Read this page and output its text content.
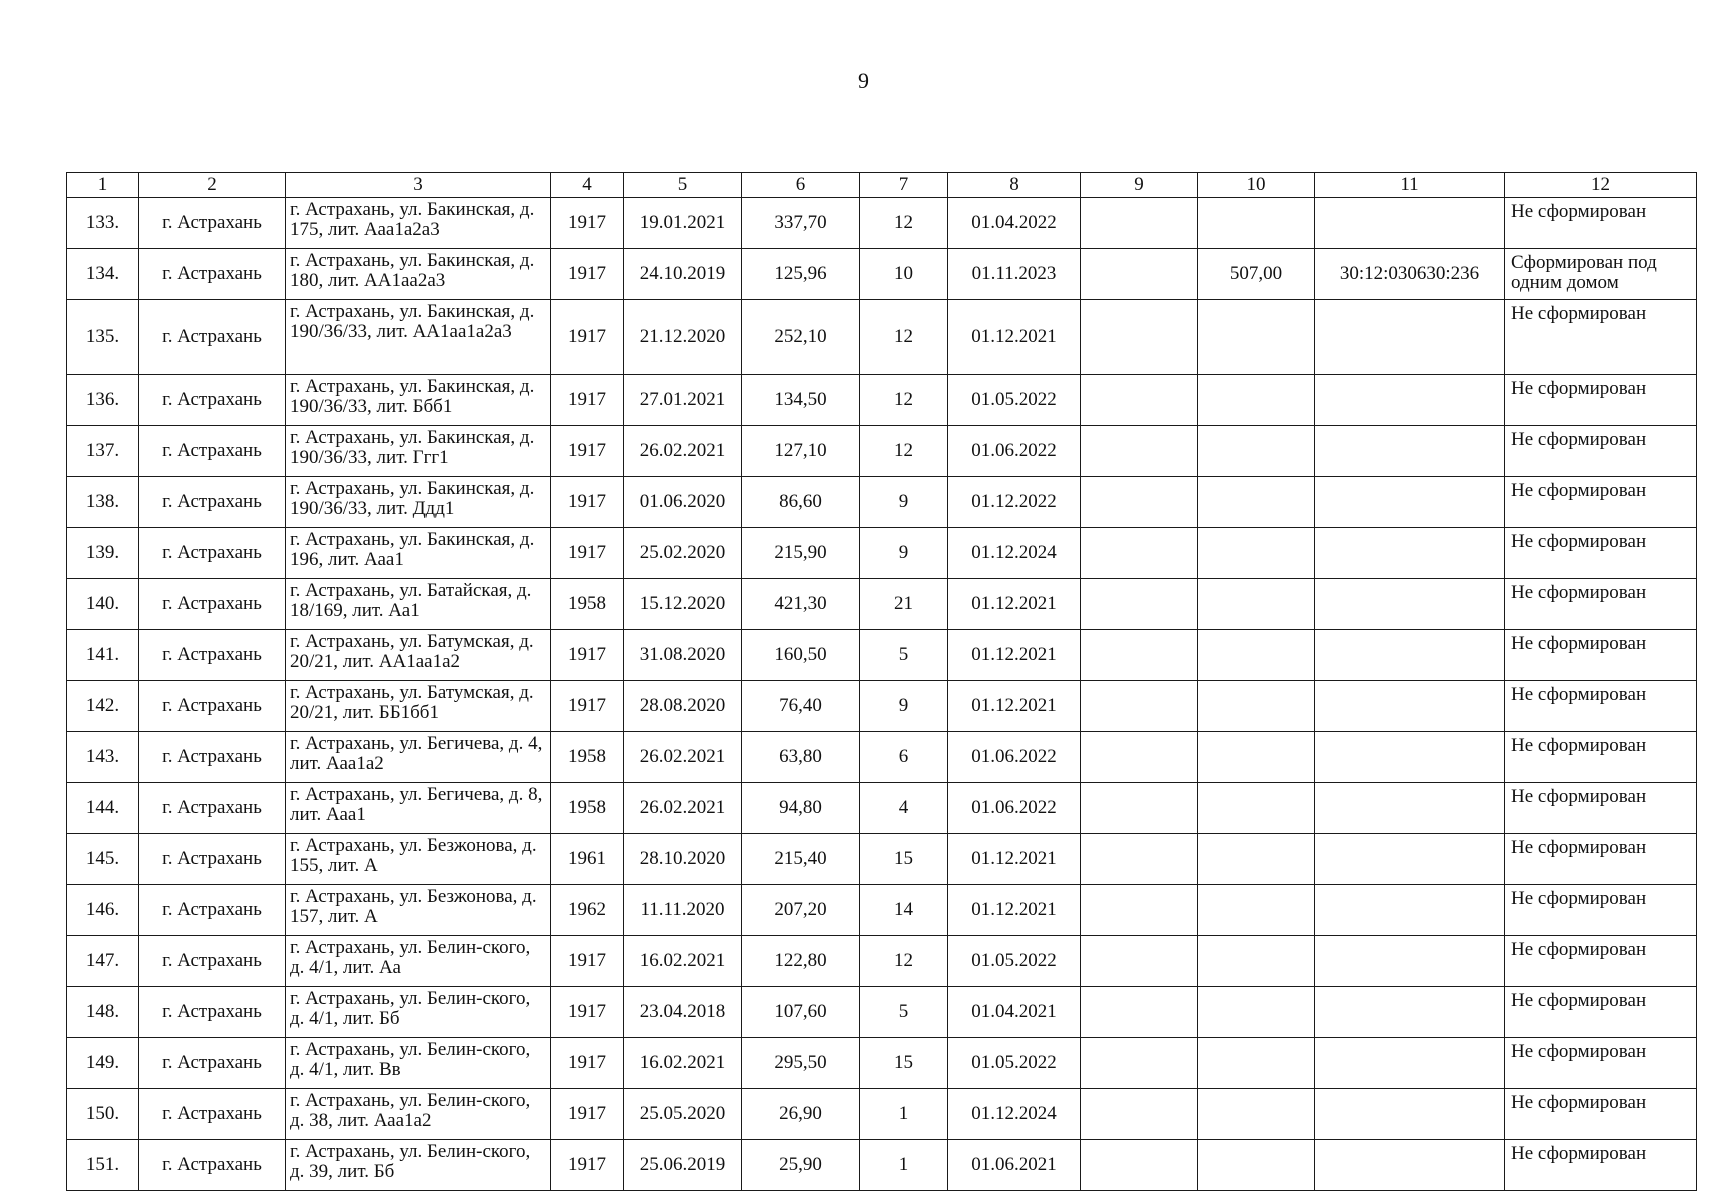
9
1	2	3	4	5	6	7	8	9	10	11	12
133.	г. Астрахань	г. Астрахань, ул. Бакинская, д. 175, лит. Ааа1а2а3	1917	19.01.2021	337,70	12	01.04.2022				Не сформирован
134.	г. Астрахань	г. Астрахань, ул. Бакинская, д. 180, лит. АА1аа2а3	1917	24.10.2019	125,96	10	01.11.2023		507,00	30:12:030630:236	Сформирован под одним домом
135.	г. Астрахань	г. Астрахань, ул. Бакинская, д. 190/36/33, лит. АА1аа1а2а3	1917	21.12.2020	252,10	12	01.12.2021				Не сформирован
136.	г. Астрахань	г. Астрахань, ул. Бакинская, д. 190/36/33, лит. Ббб1	1917	27.01.2021	134,50	12	01.05.2022				Не сформирован
137.	г. Астрахань	г. Астрахань, ул. Бакинская, д. 190/36/33, лит. Ггг1	1917	26.02.2021	127,10	12	01.06.2022				Не сформирован
138.	г. Астрахань	г. Астрахань, ул. Бакинская, д. 190/36/33, лит. Ддд1	1917	01.06.2020	86,60	9	01.12.2022				Не сформирован
139.	г. Астрахань	г. Астрахань, ул. Бакинская, д. 196, лит. Ааа1	1917	25.02.2020	215,90	9	01.12.2024				Не сформирован
140.	г. Астрахань	г. Астрахань, ул. Батайская, д. 18/169, лит. Аа1	1958	15.12.2020	421,30	21	01.12.2021				Не сформирован
141.	г. Астрахань	г. Астрахань, ул. Батумская, д. 20/21, лит. АА1аа1а2	1917	31.08.2020	160,50	5	01.12.2021				Не сформирован
142.	г. Астрахань	г. Астрахань, ул. Батумская, д. 20/21, лит. ББ1бб1	1917	28.08.2020	76,40	9	01.12.2021				Не сформирован
143.	г. Астрахань	г. Астрахань, ул. Бегичева, д. 4, лит. Ааа1а2	1958	26.02.2021	63,80	6	01.06.2022				Не сформирован
144.	г. Астрахань	г. Астрахань, ул. Бегичева, д. 8, лит. Ааа1	1958	26.02.2021	94,80	4	01.06.2022				Не сформирован
145.	г. Астрахань	г. Астрахань, ул. Безжонова, д. 155, лит. А	1961	28.10.2020	215,40	15	01.12.2021				Не сформирован
146.	г. Астрахань	г. Астрахань, ул. Безжонова, д. 157, лит. А	1962	11.11.2020	207,20	14	01.12.2021				Не сформирован
147.	г. Астрахань	г. Астрахань, ул. Белин-ского, д. 4/1, лит. Аа	1917	16.02.2021	122,80	12	01.05.2022				Не сформирован
148.	г. Астрахань	г. Астрахань, ул. Белин-ского, д. 4/1, лит. Бб	1917	23.04.2018	107,60	5	01.04.2021				Не сформирован
149.	г. Астрахань	г. Астрахань, ул. Белин-ского, д. 4/1, лит. Вв	1917	16.02.2021	295,50	15	01.05.2022				Не сформирован
150.	г. Астрахань	г. Астрахань, ул. Белин-ского, д. 38, лит. Ааа1а2	1917	25.05.2020	26,90	1	01.12.2024				Не сформирован
151.	г. Астрахань	г. Астрахань, ул. Белин-ского, д. 39, лит. Бб	1917	25.06.2019	25,90	1	01.06.2021				Не сформирован
